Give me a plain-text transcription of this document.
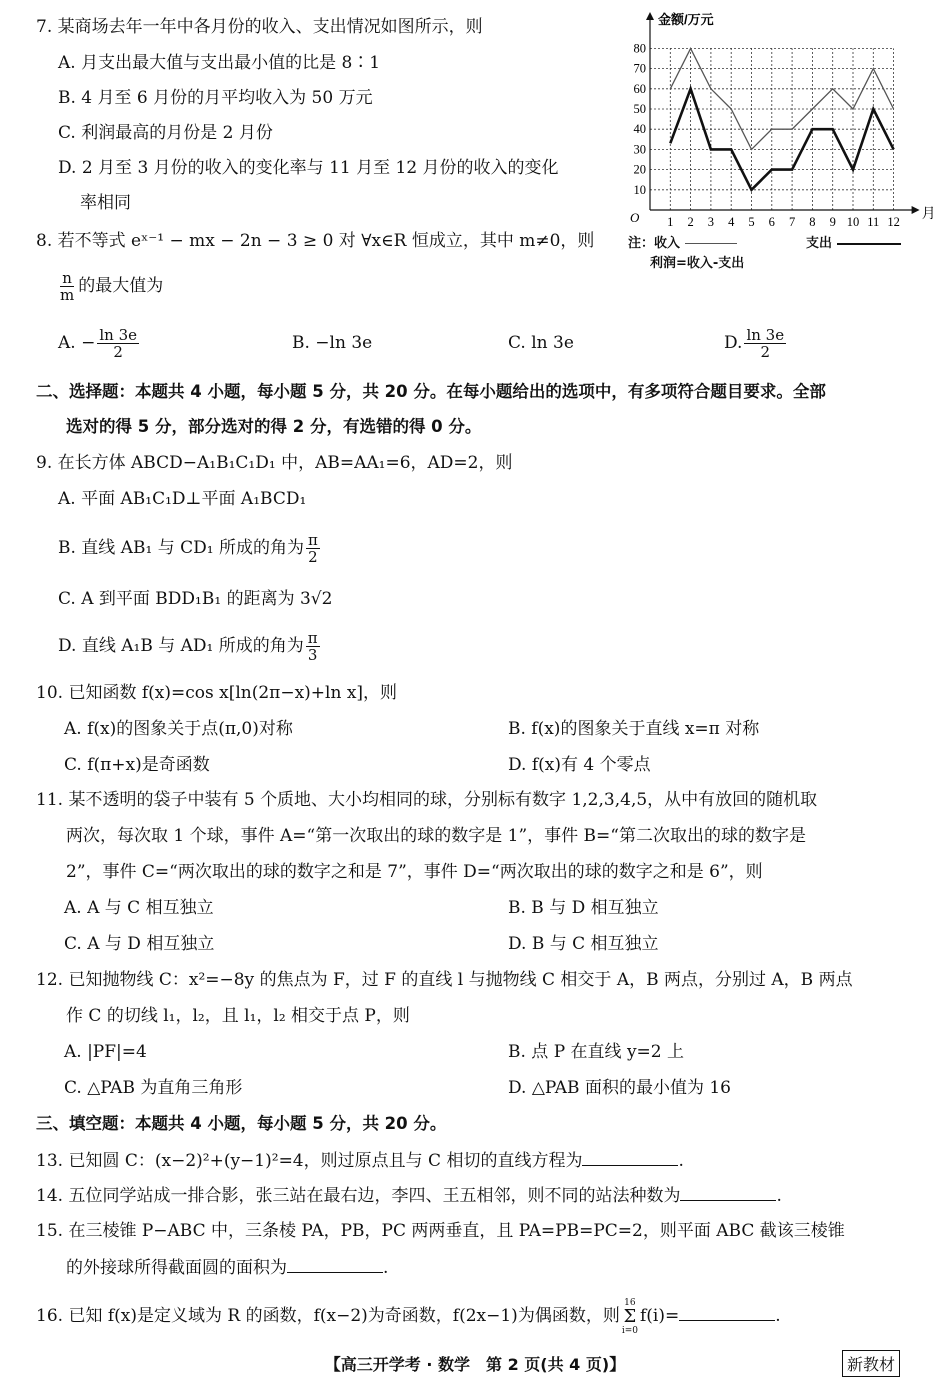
7. 某商场去年一年中各月份的收入、支出情况如图所示，则
A. 月支出最大值与支出最小值的比是 8∶1
B. 4 月至 6 月份的月平均收入为 50 万元
C. 利润最高的月份是 2 月份
D. 2 月至 3 月份的收入的变化率与 11 月至 12 月份的收入的变化
率相同
金额/万元
月
O
10
20
30
40
50
60
70
80
1 2 3 4 5 6 7 8 9 10 11 12
注：收入	支出
利润=收入-支出
8. 若不等式 eˣ⁻¹ − mx − 2n − 3 ≥ 0 对 ∀x∈R 恒成立，其中 m≠0，则
$\frac{n}{m}$ 的最大值为
A. − $\frac{\ln 3e}{2}$	B. −ln 3e	C. ln 3e	D. $\frac{\ln 3e}{2}$
二、选择题：本题共 4 小题，每小题 5 分，共 20 分。在每小题给出的选项中，有多项符合题目要求。全部
选对的得 5 分，部分选对的得 2 分，有选错的得 0 分。
9. 在长方体 ABCD−A₁B₁C₁D₁ 中，AB=AA₁=6，AD=2，则
A. 平面 AB₁C₁D⊥平面 A₁BCD₁
B. 直线 AB₁ 与 CD₁ 所成的角为 $\frac{\pi}{2}$
C. A 到平面 BDD₁B₁ 的距离为 3√2
D. 直线 A₁B 与 AD₁ 所成的角为 $\frac{\pi}{3}$
10. 已知函数 f(x)=cos x[ln(2π−x)+ln x]，则
A. f(x)的图象关于点(π,0)对称	B. f(x)的图象关于直线 x=π 对称
C. f(π+x)是奇函数	D. f(x)有 4 个零点
11. 某不透明的袋子中装有 5 个质地、大小均相同的球，分别标有数字 1,2,3,4,5，从中有放回的随机取
两次，每次取 1 个球，事件 A=“第一次取出的球的数字是 1”，事件 B=“第二次取出的球的数字是
2”，事件 C=“两次取出的球的数字之和是 7”，事件 D=“两次取出的球的数字之和是 6”，则
A. A 与 C 相互独立	B. B 与 D 相互独立
C. A 与 D 相互独立	D. B 与 C 相互独立
12. 已知抛物线 C：x²=−8y 的焦点为 F，过 F 的直线 l 与抛物线 C 相交于 A，B 两点，分别过 A，B 两点
作 C 的切线 l₁，l₂，且 l₁，l₂ 相交于点 P，则
A. |PF|=4	B. 点 P 在直线 y=2 上
C. △PAB 为直角三角形	D. △PAB 面积的最小值为 16
三、填空题：本题共 4 小题，每小题 5 分，共 20 分。
13. 已知圆 C：(x−2)²+(y−1)²=4，则过原点且与 C 相切的直线方程为	.
14. 五位同学站成一排合影，张三站在最右边，李四、王五相邻，则不同的站法种数为	.
15. 在三棱锥 P−ABC 中，三条棱 PA，PB，PC 两两垂直，且 PA=PB=PC=2，则平面 ABC 截该三棱锥
的外接球所得截面圆的面积为	.
16. 已知 f(x)是定义域为 R 的函数，f(x−2)为奇函数，f(2x−1)为偶函数，则
16
Σ
i=0
f(i)=	.
【高三开学考 · 数学　第 2 页(共 4 页)】	新教材
